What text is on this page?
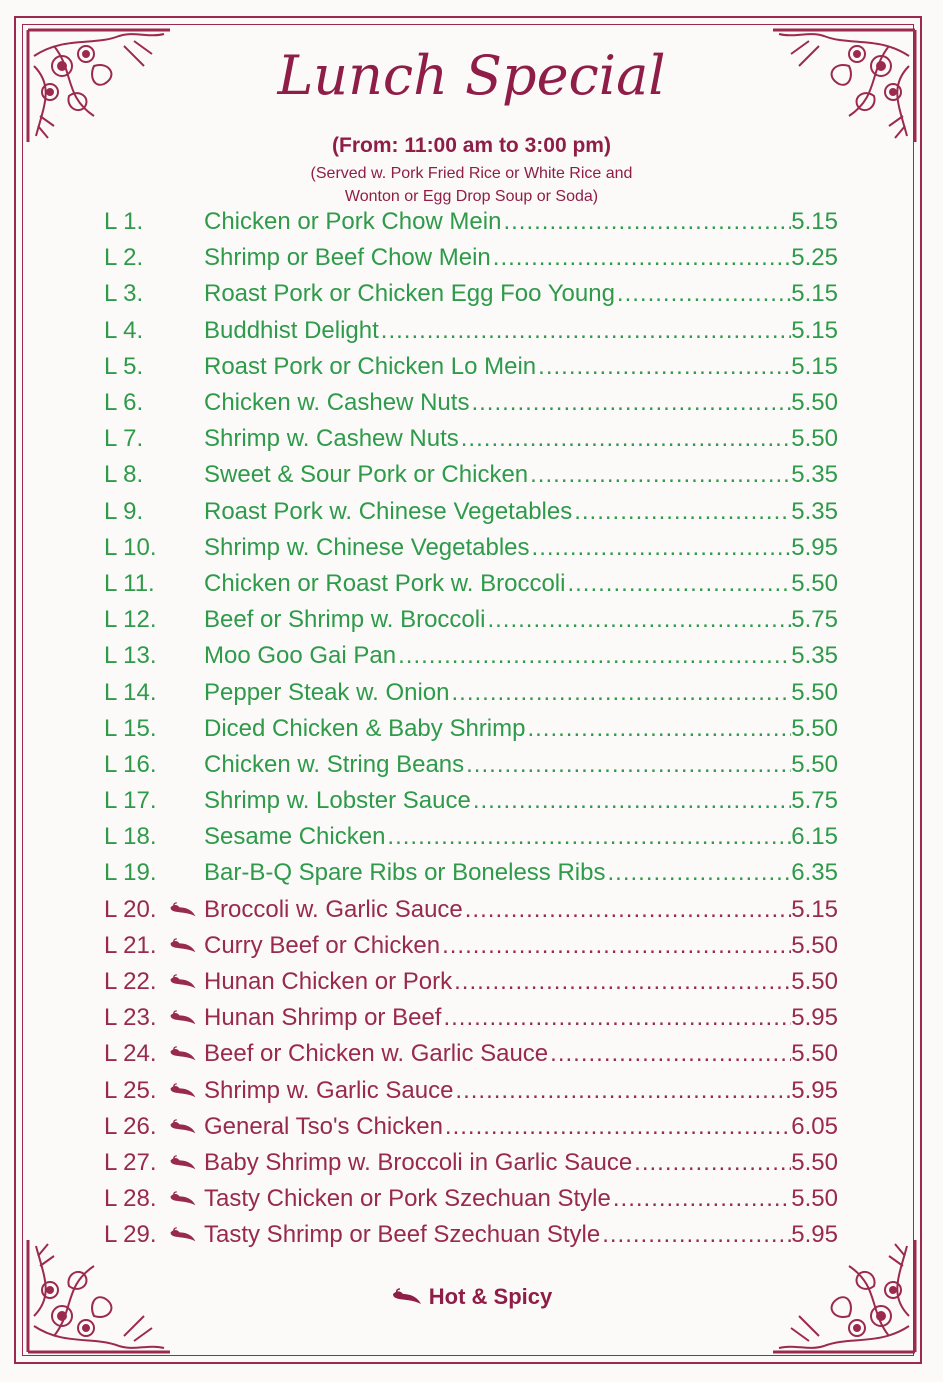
Lunch Special
(From: 11:00 am to 3:00 pm)
(Served w. Pork Fried Rice or White Rice and
Wonton or Egg Drop Soup or Soda)
L 1.	Chicken or Pork Chow Mein .....	5.15
L 2.	Shrimp or Beef Chow Mein .....	5.25
L 3.	Roast Pork or Chicken Egg Foo Young .....	5.15
L 4.	Buddhist Delight .....	5.15
L 5.	Roast Pork or Chicken Lo Mein .....	5.15
L 6.	Chicken w. Cashew Nuts .....	5.50
L 7.	Shrimp w. Cashew Nuts .....	5.50
L 8.	Sweet & Sour Pork or Chicken .....	5.35
L 9.	Roast Pork w. Chinese Vegetables .....	5.35
L 10.	Shrimp w. Chinese Vegetables .....	5.95
L 11.	Chicken or Roast Pork w. Broccoli .....	5.50
L 12.	Beef or Shrimp w. Broccoli .....	5.75
L 13.	Moo Goo Gai Pan .....	5.35
L 14.	Pepper Steak w. Onion .....	5.50
L 15.	Diced Chicken & Baby Shrimp .....	5.50
L 16.	Chicken w. String Beans .....	5.50
L 17.	Shrimp w. Lobster Sauce .....	5.75
L 18.	Sesame Chicken .....	6.15
L 19.	Bar-B-Q Spare Ribs or Boneless Ribs .....	6.35
L 20.	Broccoli w. Garlic Sauce .....	5.15
L 21.	Curry Beef or Chicken .....	5.50
L 22.	Hunan Chicken or Pork .....	5.50
L 23.	Hunan Shrimp or Beef .....	5.95
L 24.	Beef or Chicken w. Garlic Sauce .....	5.50
L 25.	Shrimp w. Garlic Sauce .....	5.95
L 26.	General Tso's Chicken .....	6.05
L 27.	Baby Shrimp w. Broccoli in Garlic Sauce .....	5.50
L 28.	Tasty Chicken or Pork Szechuan Style .....	5.50
L 29.	Tasty Shrimp or Beef Szechuan Style .....	5.95
Hot & Spicy
